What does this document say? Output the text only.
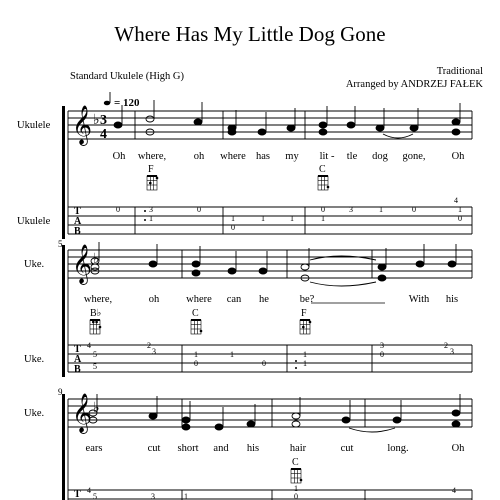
Where Has My Little Dog Gone
Standard Ukulele (High G)	Traditional
Arranged by ANDRZEJ FAŁEK
Ukulele
Ukulele
Uke.
Uke.
Uke.
5
9
= 120
𝄞
𝄞
𝄞
♭
♭
♭
3
4
T
A
B
T
A
B
T
Oh where,	oh where has my lit - tle dog gone, Oh
where,	oh	where can he	be?	With his
ears	cut short and his	hair	cut	long.	Oh
F	C
B♭	C	F
C
0	3
1
0
1
0
1	1
0
1
3	1	0
4
1
0
4
5
5
2
3	1
0
1
0
1
1
0
3	2
3
4
5	1
3	0
1	4
